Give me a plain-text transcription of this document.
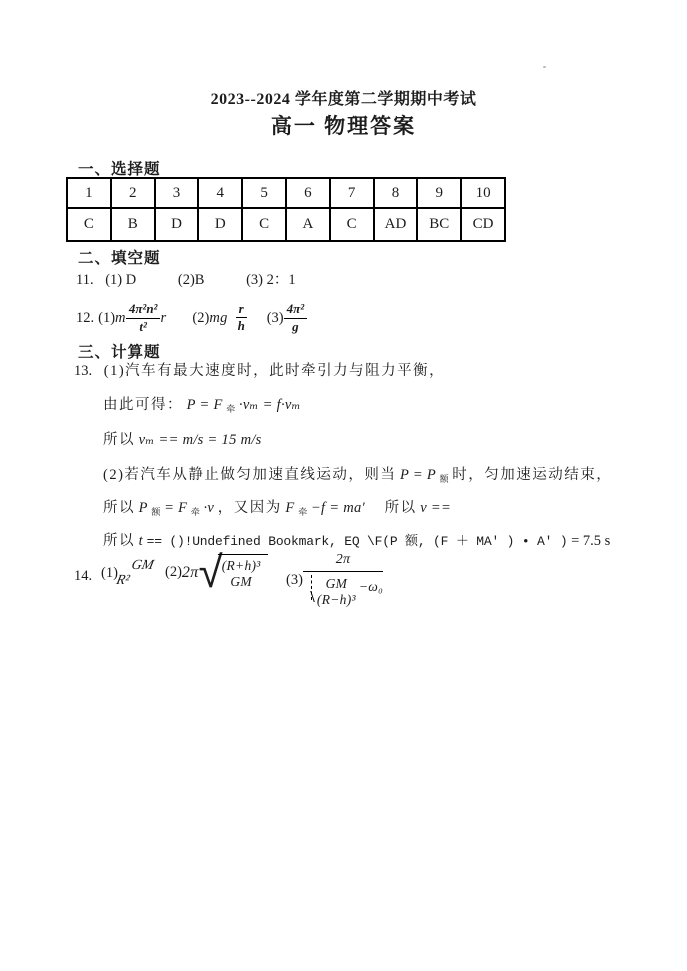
2023--2024 学年度第二学期期中考试
高一 物理答案
一、选择题
1	2	3	4	5	6	7	8	9	10
C	B	D	D	C	A	C	AD	BC	CD
二、填空题
11. (1) D	(2)B	(3) 2：1
12. (1) m $\frac{\text{4π²n²}}{\text{t²}}$ r (2) mg $\frac{r}{h} (3) \frac{\text{4π²}}{g}$
三、计算题
13. (1)汽车有最大速度时，此时牵引力与阻力平衡，
由此可得： P = F $_牵$ ·vₘ = f·vₘ
所以 vₘ == m/s = 15 m/s
(2)若汽车从静止做匀加速直线运动，则当 P = P $_额$ 时，匀加速运动结束，
所以 P $_额$ = F $_牵$ ·v ，又因为 F $_牵$ −f = ma′ 　所以 v ==
所以 t == ()!Undefined Bookmark, EQ \F(P 额, (F ＋ MA′ ) • A′ ) = 7.5 s
14. (1) GM
R²
(2) 2π √ (R+h)³
GM (3) 2π
GM
(R−h)³
−ω₀
